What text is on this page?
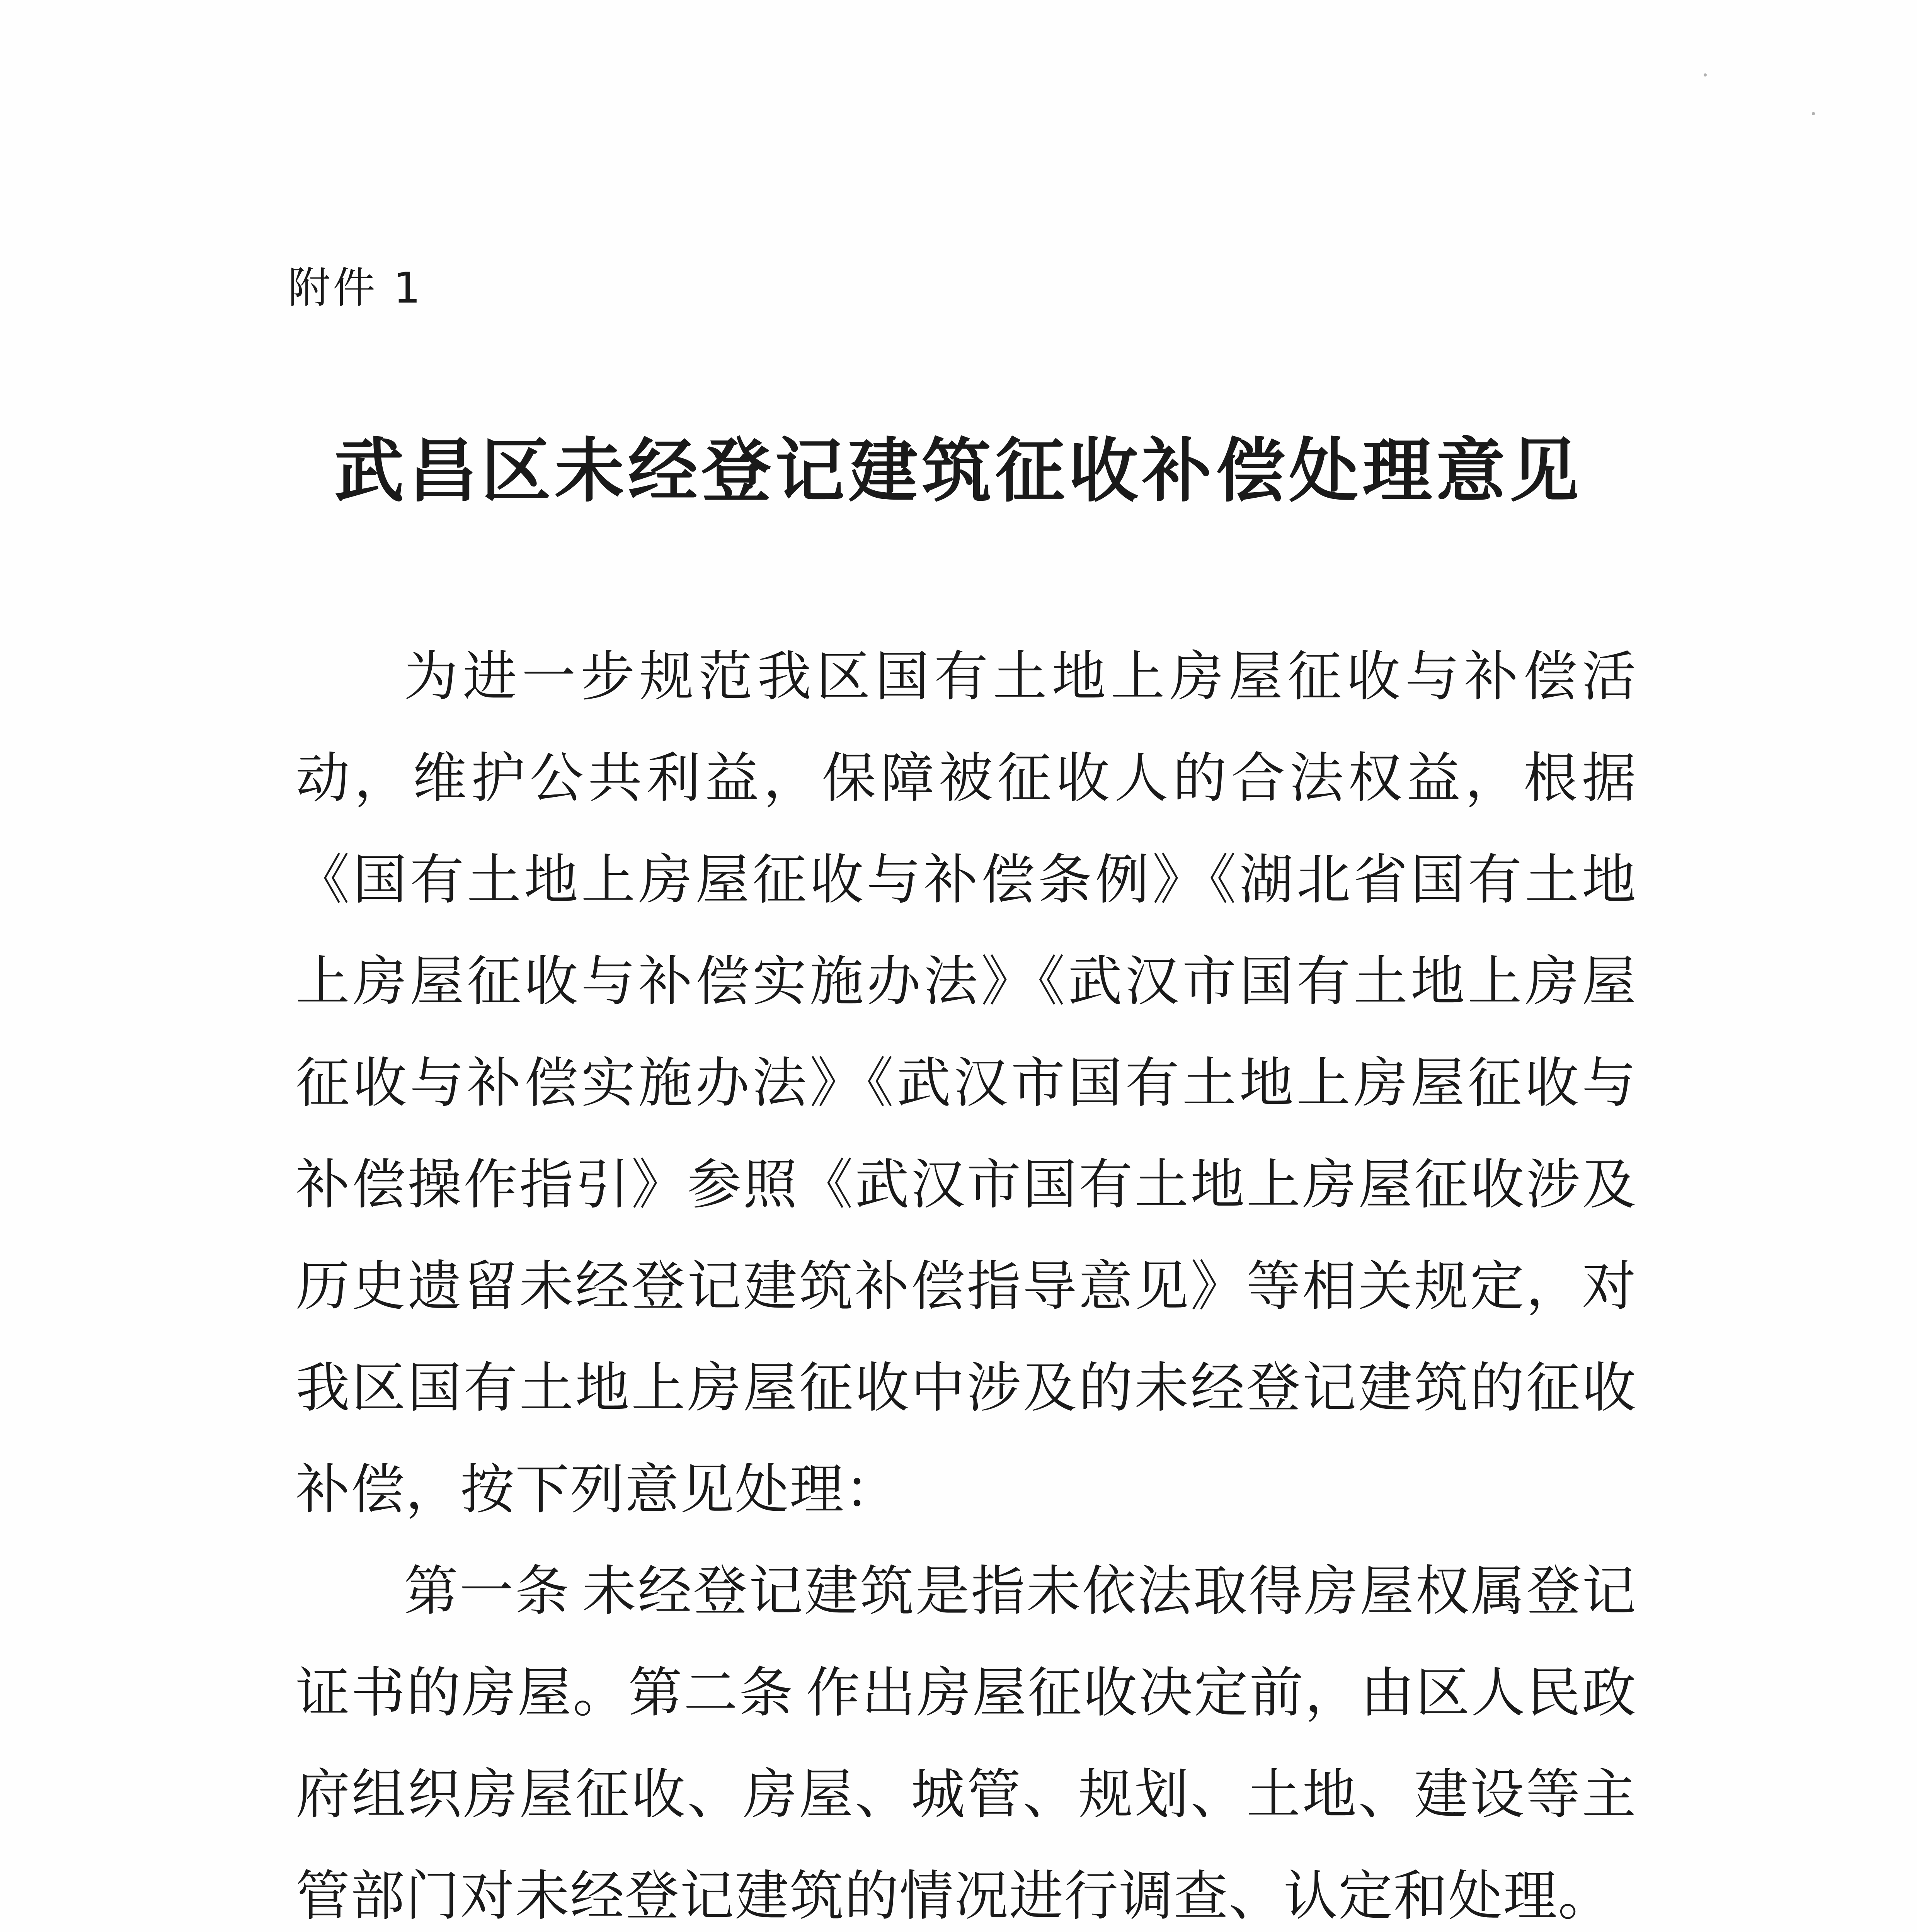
附件 1
武昌区未经登记建筑征收补偿处理意见

为进一步规范我区国有土地上房屋征收与补偿活动，维护公共利益，保障被征收人的合法权益，根据《国有土地上房屋征收与补偿条例》《湖北省国有土地上房屋征收与补偿实施办法》《武汉市国有土地上房屋征收与补偿实施办法》《武汉市国有土地上房屋征收与补偿操作指引》参照《武汉市国有土地上房屋征收涉及历史遗留未经登记建筑补偿指导意见》等相关规定，对我区国有土地上房屋征收中涉及的未经登记建筑的征收补偿，按下列意见处理：

第一条 未经登记建筑是指未依法取得房屋权属登记证书的房屋。第二条 作出房屋征收决定前，由区人民政府组织房屋征收、房屋、城管、规划、土地、建设等主管部门对未经登记建筑的情况进行调查、认定和处理。
